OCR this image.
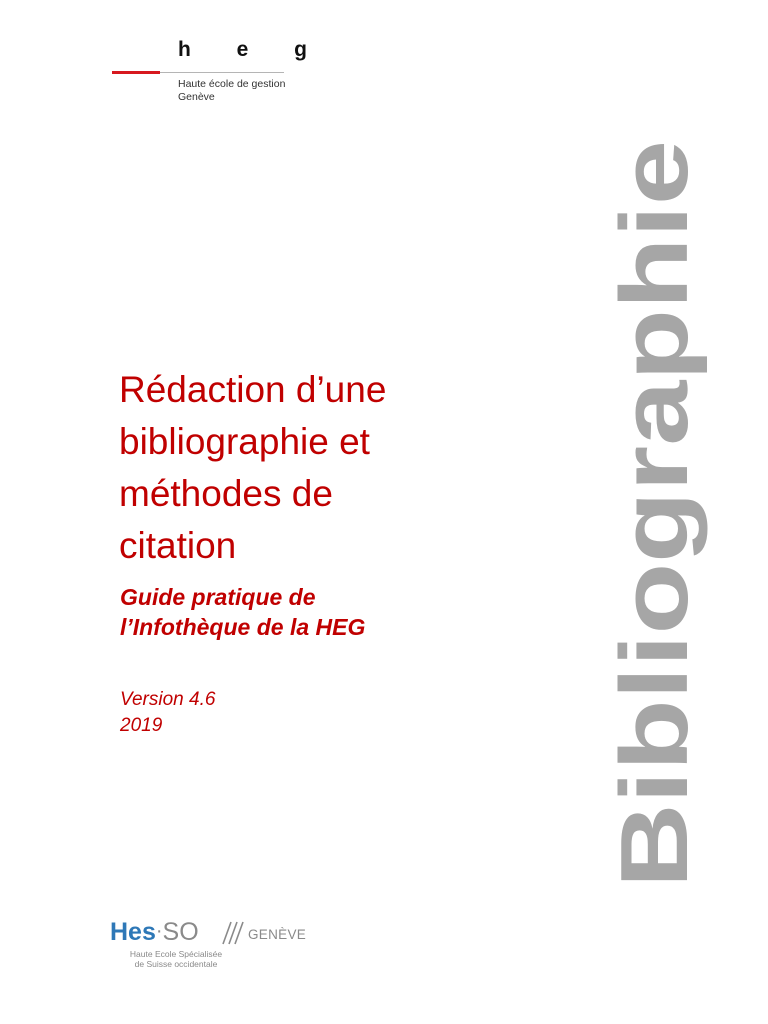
h e g
Haute école de gestion
Genève
Rédaction d’une
bibliographie et
méthodes de
citation
Guide pratique de
l’Infothèque de la HEG
Version 4.6
2019	Bibliographie
Hes·SO	GENÈVE
Haute Ecole Spécialisée
de Suisse occidentale
